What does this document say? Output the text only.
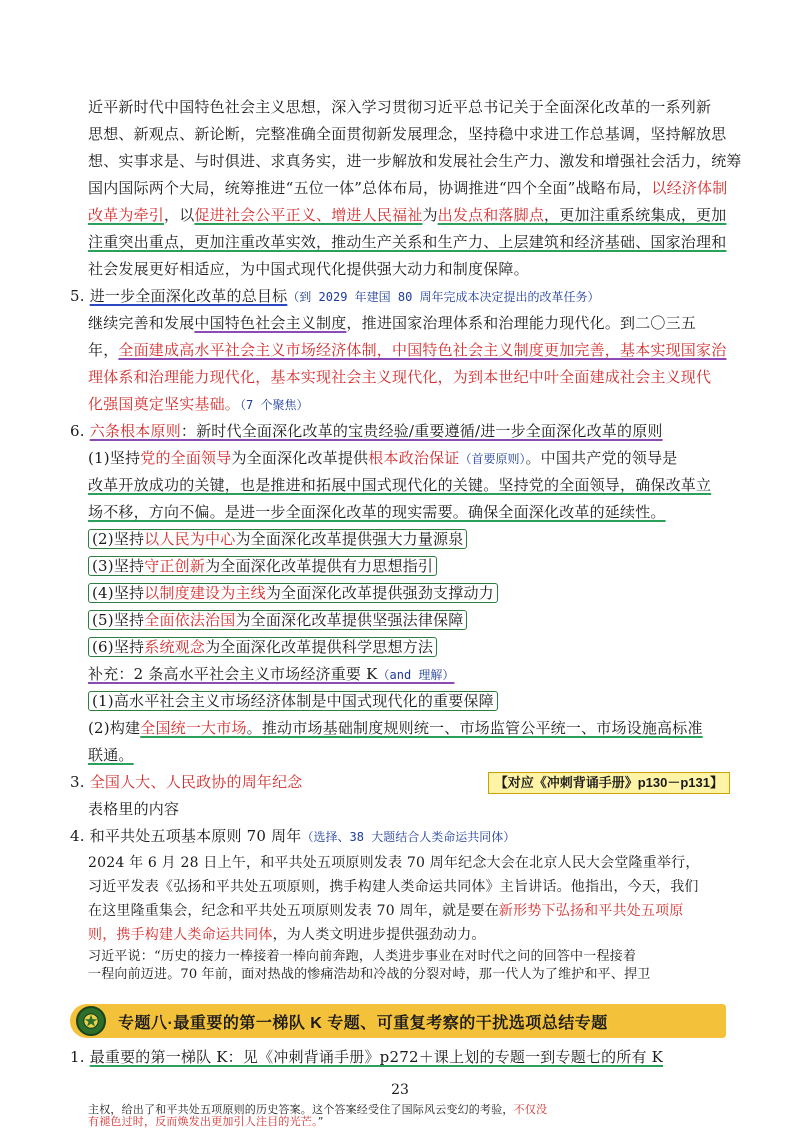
近平新时代中国特色社会主义思想，深入学习贯彻习近平总书记关于全面深化改革的一系列新
思想、新观点、新论断，完整准确全面贯彻新发展理念，坚持稳中求进工作总基调，坚持解放思
想、实事求是、与时俱进、求真务实，进一步解放和发展社会生产力、激发和增强社会活力，统筹
国内国际两个大局，统筹推进“五位一体”总体布局，协调推进“四个全面”战略布局，以经济体制
改革为牵引，以促进社会公平正义、增进人民福祉为出发点和落脚点，更加注重系统集成，更加
注重突出重点，更加注重改革实效，推动生产关系和生产力、上层建筑和经济基础、国家治理和
社会发展更好相适应，为中国式现代化提供强大动力和制度保障。
5. 进一步全面深化改革的总目标（到 2029 年建国 80 周年完成本决定提出的改革任务）
继续完善和发展中国特色社会主义制度，推进国家治理体系和治理能力现代化。到二〇三五
年，全面建成高水平社会主义市场经济体制，中国特色社会主义制度更加完善，基本实现国家治
理体系和治理能力现代化，基本实现社会主义现代化，为到本世纪中叶全面建成社会主义现代
化强国奠定坚实基础。（7 个聚焦）
6. 六条根本原则：新时代全面深化改革的宝贵经验/重要遵循/进一步全面深化改革的原则
(1)坚持党的全面领导为全面深化改革提供根本政治保证（首要原则）。中国共产党的领导是
改革开放成功的关键，也是推进和拓展中国式现代化的关键。坚持党的全面领导，确保改革立
场不移，方向不偏。是进一步全面深化改革的现实需要。确保全面深化改革的延续性。
(2)坚持以人民为中心为全面深化改革提供强大力量源泉
(3)坚持守正创新为全面深化改革提供有力思想指引
(4)坚持以制度建设为主线为全面深化改革提供强劲支撑动力
(5)坚持全面依法治国为全面深化改革提供坚强法律保障
(6)坚持系统观念为全面深化改革提供科学思想方法
补充：2 条高水平社会主义市场经济重要 K（and 理解）
(1)高水平社会主义市场经济体制是中国式现代化的重要保障
(2)构建全国统一大市场。推动市场基础制度规则统一、市场监管公平统一、市场设施高标准
联通。
3. 全国人大、人民政协的周年纪念	【对应《冲刺背诵手册》p130－p131】
表格里的内容
4. 和平共处五项基本原则 70 周年（选择、38 大题结合人类命运共同体）
2024 年 6 月 28 日上午，和平共处五项原则发表 70 周年纪念大会在北京人民大会堂隆重举行，
习近平发表《弘扬和平共处五项原则，携手构建人类命运共同体》主旨讲话。他指出，今天，我们
在这里隆重集会，纪念和平共处五项原则发表 70 周年，就是要在新形势下弘扬和平共处五项原
则，携手构建人类命运共同体，为人类文明进步提供强劲动力。
专题八·最重要的第一梯队 K 专题、可重复考察的干扰选项总结专题
习近平说：“历史的接力一棒接着一棒向前奔跑，人类进步事业在对时代之问的回答中一程接着
一程向前迈进。70 年前，面对热战的惨痛浩劫和冷战的分裂对峙，那一代人为了维护和平、捍卫
1. 最重要的第一梯队 K：见《冲刺背诵手册》p272＋课上划的专题一到专题七的所有 K
23
主权，给出了和平共处五项原则的历史答案。这个答案经受住了国际风云变幻的考验，不仅没
有褪色过时，反而焕发出更加引人注目的光芒。”
